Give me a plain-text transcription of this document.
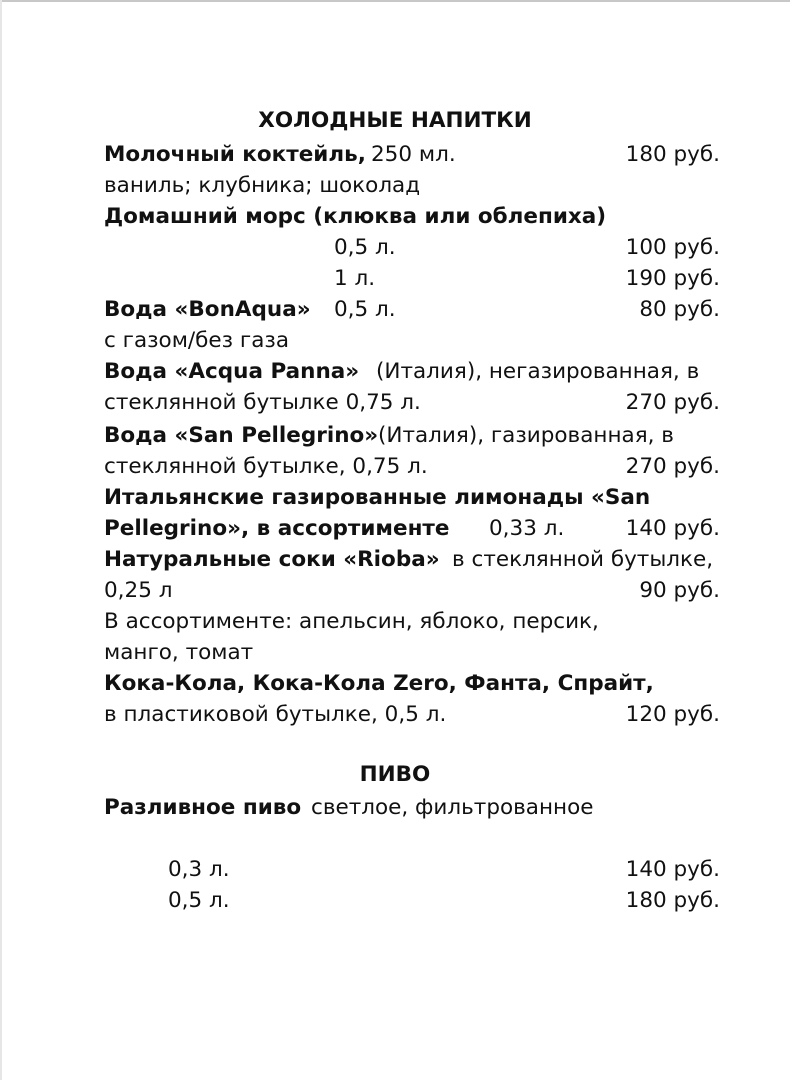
ХОЛОДНЫЕ НАПИТКИ
Молочный коктейль, 250 мл.	180 руб.
ваниль; клубника; шоколад
Домашний морс (клюква или облепиха)
0,5 л.	100 руб.
1 л.	190 руб.
Вода «BonAqua» 0,5 л.	80 руб.
с газом/без газа
Вода «Acqua Panna» (Италия), негазированная, в
стеклянной бутылке 0,75 л.	270 руб.
Вода «San Pellegrino» (Италия), газированная, в
стеклянной бутылке, 0,75 л.	270 руб.
Итальянские газированные лимонады «San
Pellegrino», в ассортименте 0,33 л.	140 руб.
Натуральные соки «Rioba» в стеклянной бутылке,
0,25 л	90 руб.
В ассортименте: апельсин, яблоко, персик,
манго, томат
Кока-Кола, Кока-Кола Zero, Фанта, Спрайт,
в пластиковой бутылке, 0,5 л.	120 руб.
ПИВО
Разливное пиво светлое, фильтрованное
0,3 л.	140 руб.
0,5 л.	180 руб.
